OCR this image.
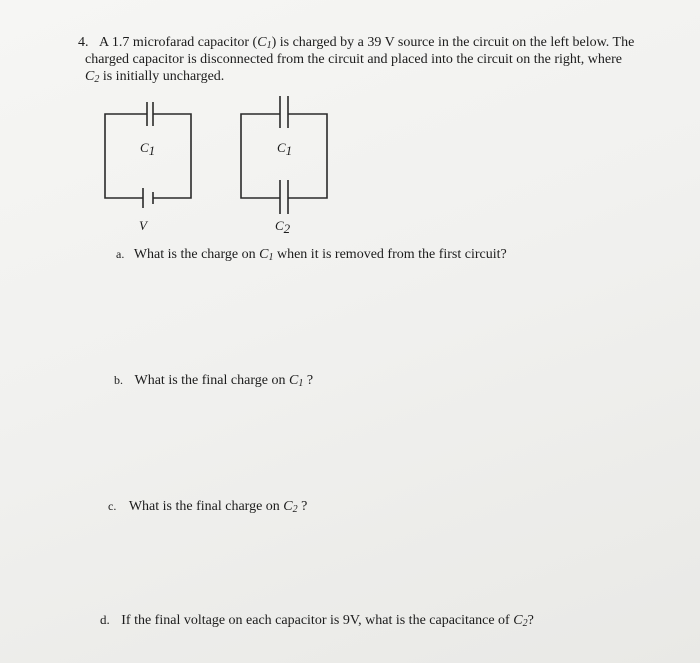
4. A 1.7 microfarad capacitor $(C_1)$ is charged by a 39 V source in the circuit on the left below. The
charged capacitor is disconnected from the circuit and placed into the circuit on the right, where
$C_2$ is initially uncharged.
C1
V
C1
C2
a. What is the charge on $C_1$ when it is removed from the first circuit?
b. What is the final charge on $C_1$ ?
c. What is the final charge on $C_2$ ?
d. If the final voltage on each capacitor is 9V, what is the capacitance of $C_2$?
